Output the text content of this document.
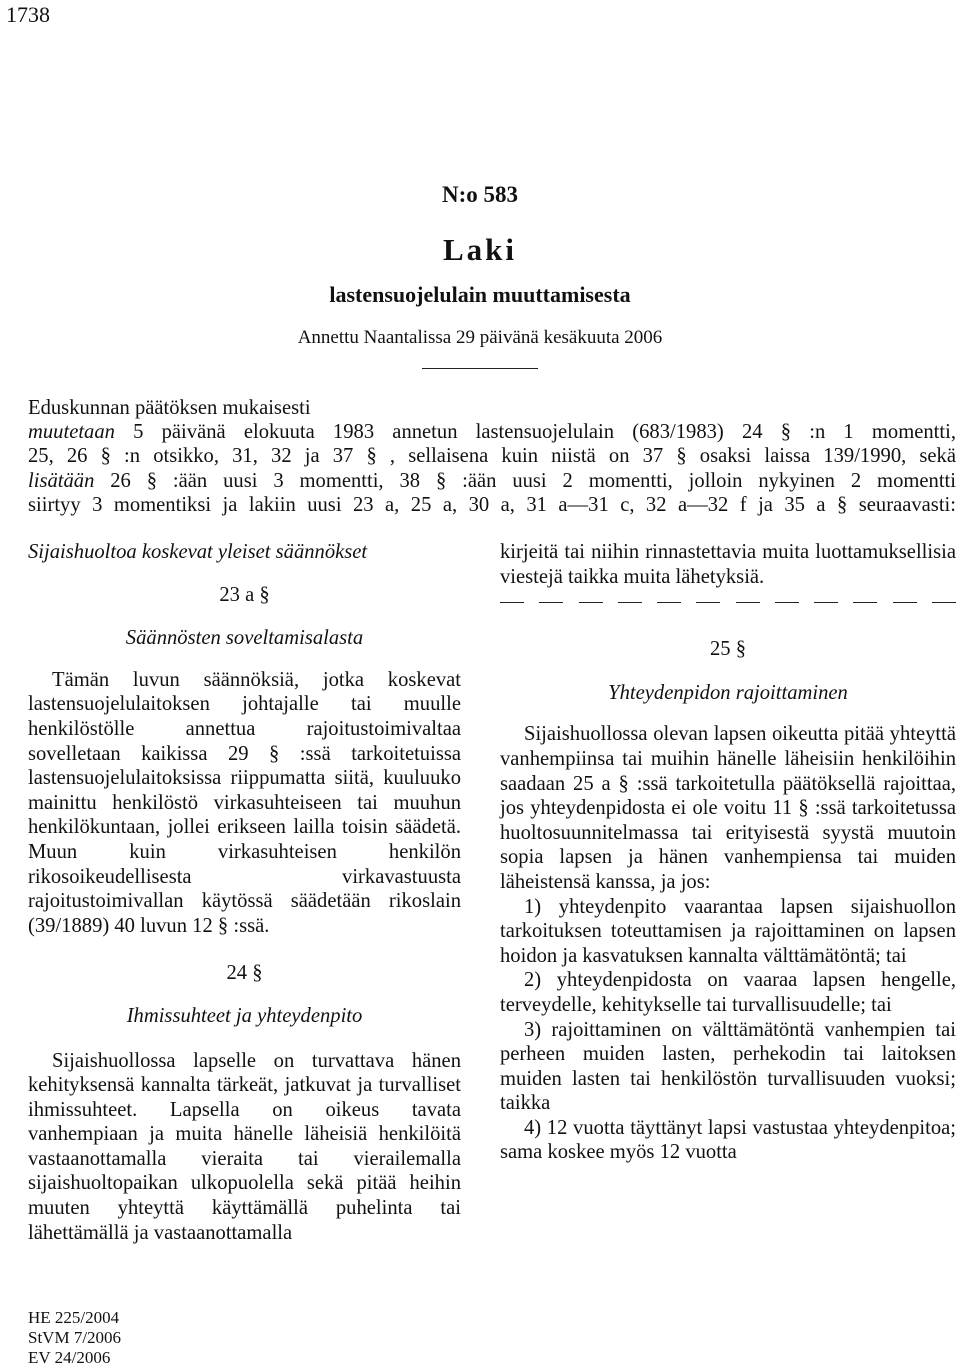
1738
N:o 583
Laki
lastensuojelulain muuttamisesta
Annettu Naantalissa 29 päivänä kesäkuuta 2006
Eduskunnan päätöksen mukaisesti
muutetaan 5 päivänä elokuuta 1983 annetun lastensuojelulain (683/1983) 24 § :n 1 momentti,
25, 26 § :n otsikko, 31, 32 ja 37 § , sellaisena kuin niistä on 37 § osaksi laissa 139/1990, sekä
lisätään 26 § :ään uusi 3 momentti, 38 § :ään uusi 2 momentti, jolloin nykyinen 2 momentti
siirtyy 3 momentiksi ja lakiin uusi 23 a, 25 a, 30 a, 31 a—31 c, 32 a—32 f ja 35 a § seuraavasti:

Sijaishuoltoa koskevat yleiset säännökset

23 a §

Säännösten soveltamisalasta

Tämän luvun säännöksiä, jotka koskevat lastensuojelulaitoksen johtajalle tai muulle henkilöstölle annettua rajoitustoimivaltaa sovelletaan kaikissa 29 § :ssä tarkoitetuissa lastensuojelulaitoksissa riippumatta siitä, kuuluuko mainittu henkilöstö virkasuhteiseen tai muuhun henkilökuntaan, jollei erikseen lailla toisin säädetä. Muun kuin virkasuhteisen henkilön rikosoikeudellisesta virkavastuusta rajoitustoimivallan käytössä säädetään rikoslain (39/1889) 40 luvun 12 § :ssä.

24 §

Ihmissuhteet ja yhteydenpito

Sijaishuollossa lapselle on turvattava hänen kehityksensä kannalta tärkeät, jatkuvat ja turvalliset ihmissuhteet. Lapsella on oikeus tavata vanhempiaan ja muita hänelle läheisiä henkilöitä vastaanottamalla vieraita tai vierailemalla sijaishuoltopaikan ulkopuolella sekä pitää heihin muuten yhteyttä käyttämällä puhelinta tai lähettämällä ja vastaanottamalla

kirjeitä tai niihin rinnastettavia muita luottamuksellisia viestejä taikka muita lähetyksiä.

25 §

Yhteydenpidon rajoittaminen

Sijaishuollossa olevan lapsen oikeutta pitää yhteyttä vanhempiinsa tai muihin hänelle läheisiin henkilöihin saadaan 25 a § :ssä tarkoitetulla päätöksellä rajoittaa, jos yhteydenpidosta ei ole voitu 11 § :ssä tarkoitetussa huoltosuunnitelmassa tai erityisestä syystä muutoin sopia lapsen ja hänen vanhempiensa tai muiden läheistensä kanssa, ja jos:

1) yhteydenpito vaarantaa lapsen sijaishuollon tarkoituksen toteuttamisen ja rajoittaminen on lapsen hoidon ja kasvatuksen kannalta välttämätöntä; tai

2) yhteydenpidosta on vaaraa lapsen hengelle, terveydelle, kehitykselle tai turvallisuudelle; tai

3) rajoittaminen on välttämätöntä vanhempien tai perheen muiden lasten, perhekodin tai laitoksen muiden lasten tai henkilöstön turvallisuuden vuoksi; taikka

4) 12 vuotta täyttänyt lapsi vastustaa yhteydenpitoa; sama koskee myös 12 vuotta

HE 225/2004
StVM 7/2006
EV 24/2006
